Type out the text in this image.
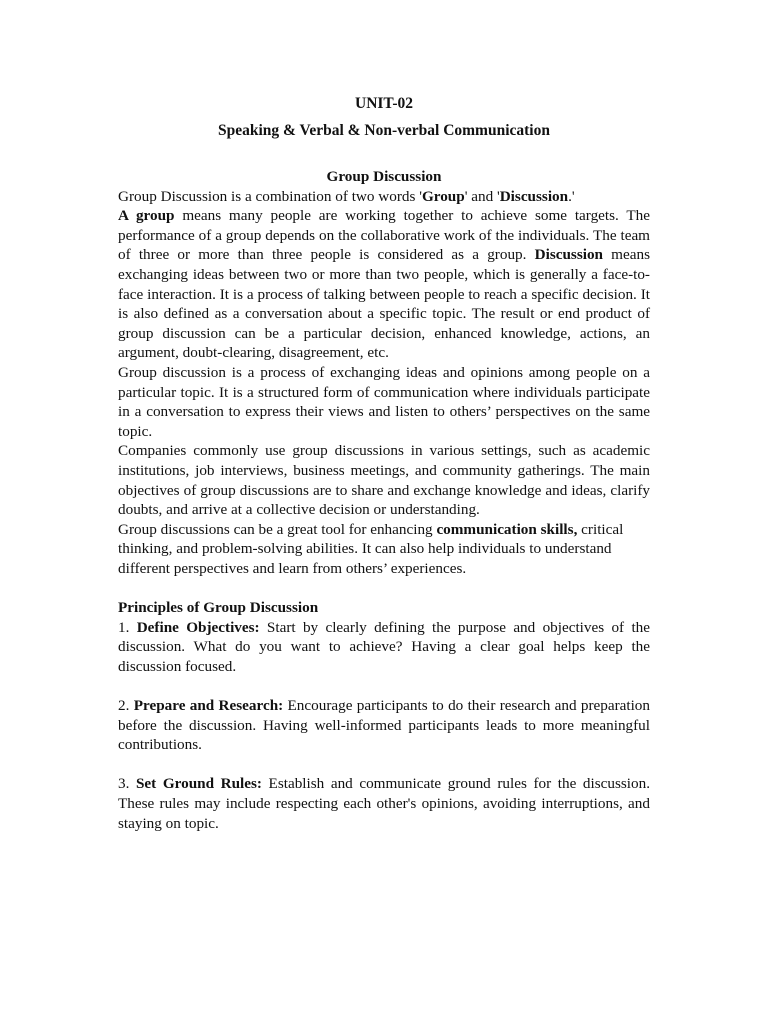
UNIT-02
Speaking & Verbal & Non-verbal Communication

Group Discussion

Group Discussion is a combination of two words 'Group' and 'Discussion.'

A group means many people are working together to achieve some targets. The performance of a group depends on the collaborative work of the individuals. The team of three or more than three people is considered as a group. Discussion means exchanging ideas between two or more than two people, which is generally a face-to-face interaction. It is a process of talking between people to reach a specific decision. It is also defined as a conversation about a specific topic. The result or end product of group discussion can be a particular decision, enhanced knowledge, actions, an argument, doubt-clearing, disagreement, etc.

Group discussion is a process of exchanging ideas and opinions among people on a particular topic. It is a structured form of communication where individuals participate in a conversation to express their views and listen to others’ perspectives on the same topic.

Companies commonly use group discussions in various settings, such as academic institutions, job interviews, business meetings, and community gatherings. The main objectives of group discussions are to share and exchange knowledge and ideas, clarify doubts, and arrive at a collective decision or understanding.

Group discussions can be a great tool for enhancing communication skills, critical thinking, and problem-solving abilities. It can also help individuals to understand different perspectives and learn from others’ experiences.

Principles of Group Discussion

1. Define Objectives: Start by clearly defining the purpose and objectives of the discussion. What do you want to achieve? Having a clear goal helps keep the discussion focused.

2. Prepare and Research: Encourage participants to do their research and preparation before the discussion. Having well-informed participants leads to more meaningful contributions.

3. Set Ground Rules: Establish and communicate ground rules for the discussion. These rules may include respecting each other's opinions, avoiding interruptions, and staying on topic.
